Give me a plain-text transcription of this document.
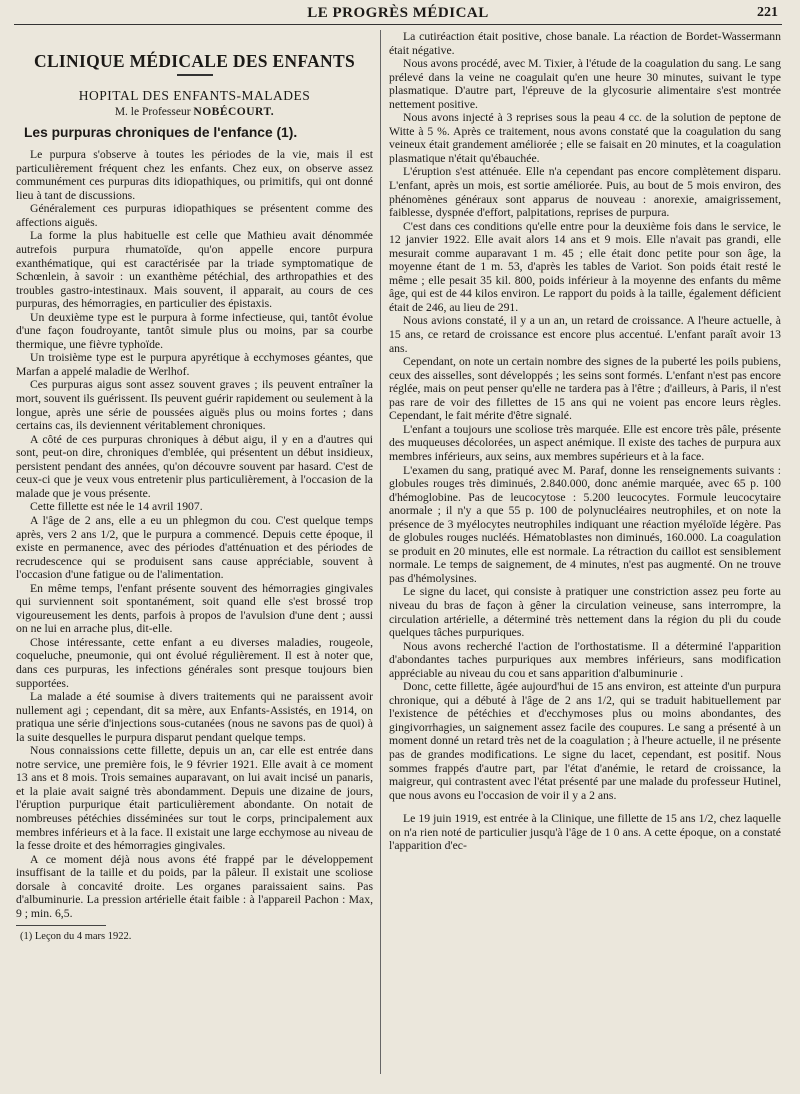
LE PROGRÈS MÉDICAL	221

CLINIQUE MÉDICALE DES ENFANTS

HOPITAL DES ENFANTS-MALADES

M. le Professeur NOBÉCOURT.

Les purpuras chroniques de l'enfance (1).

Le purpura s'observe à toutes les périodes de la vie, mais il est particulièrement fréquent chez les enfants. Chez eux, on observe assez communément ces purpuras dits idiopathiques, ou primitifs, qui ont donné lieu à tant de discussions.

Généralement ces purpuras idiopathiques se présentent comme des affections aiguës.

La forme la plus habituelle est celle que Mathieu avait dénommée autrefois purpura rhumatoïde, qu'on appelle encore purpura exanthématique, qui est caractérisée par la triade symptomatique de Schœnlein, à savoir : un exanthème pétéchial, des arthropathies et des troubles gastro-intestinaux. Mais souvent, il apparait, au cours de ces purpuras, des hémorragies, en particulier des épistaxis.

Un deuxième type est le purpura à forme infectieuse, qui, tantôt évolue d'une façon foudroyante, tantôt simule plus ou moins, par sa courbe thermique, une fièvre typhoïde.

Un troisième type est le purpura apyrétique à ecchymoses géantes, que Marfan a appelé maladie de Werlhof.

Ces purpuras aigus sont assez souvent graves ; ils peuvent entraîner la mort, souvent ils guérissent. Ils peuvent guérir rapidement ou seulement à la longue, après une série de poussées aiguës plus ou moins fortes ; dans certains cas, ils deviennent véritablement chroniques.

A côté de ces purpuras chroniques à début aigu, il y en a d'autres qui sont, peut-on dire, chroniques d'emblée, qui présentent un début insidieux, persistent pendant des années, qu'on découvre souvent par hasard. C'est de ceux-ci que je veux vous entretenir plus particulièrement, à l'occasion de la malade que je vous présente.

Cette fillette est née le 14 avril 1907.

A l'âge de 2 ans, elle a eu un phlegmon du cou. C'est quelque temps après, vers 2 ans 1/2, que le purpura a commencé. Depuis cette époque, il existe en permanence, avec des périodes d'atténuation et des périodes de recrudescence qui se produisent sans cause appréciable, souvent à l'occasion d'une fatigue ou de l'alimentation.

En même temps, l'enfant présente souvent des hémorragies gingivales qui surviennent soit spontanément, soit quand elle s'est brossé trop vigoureusement les dents, parfois à propos de l'avulsion d'une dent ; aussi on ne lui en arrache plus, dit-elle.

Chose intéressante, cette enfant a eu diverses maladies, rougeole, coqueluche, pneumonie, qui ont évolué régulièrement. Il est à noter que, dans ces purpuras, les infections générales sont presque toujours bien supportées.

La malade a été soumise à divers traitements qui ne paraissent avoir nullement agi ; cependant, dit sa mère, aux Enfants-Assistés, en 1914, on pratiqua une série d'injections sous-cutanées (nous ne savons pas de quoi) à la suite desquelles le purpura disparut pendant quelque temps.

Nous connaissions cette fillette, depuis un an, car elle est entrée dans notre service, une première fois, le 9 février 1921. Elle avait à ce moment 13 ans et 8 mois. Trois semaines auparavant, on lui avait incisé un panaris, et la plaie avait saigné très abondamment. Depuis une dizaine de jours, l'éruption purpurique était particulièrement abondante. On notait de nombreuses pétéchies disséminées sur tout le corps, principalement aux membres inférieurs et à la face. Il existait une large ecchymose au niveau de la fesse droite et des hémorragies gingivales.

A ce moment déjà nous avons été frappé par le développement insuffisant de la taille et du poids, par la pâleur. Il existait une scoliose dorsale à concavité droite. Les organes paraissaient sains. Pas d'albuminurie. La pression artérielle était faible : à l'appareil Pachon : Max, 9 ; min. 6,5.

(1) Leçon du 4 mars 1922.

La cutiréaction était positive, chose banale. La réaction de Bordet-Wassermann était négative.

Nous avons procédé, avec M. Tixier, à l'étude de la coagulation du sang. Le sang prélevé dans la veine ne coagulait qu'en une heure 30 minutes, suivant le type plasmatique. D'autre part, l'épreuve de la glycosurie alimentaire s'est montrée nettement positive.

Nous avons injecté à 3 reprises sous la peau 4 cc. de la solution de peptone de Witte à 5 %. Après ce traitement, nous avons constaté que la coagulation du sang veineux était grandement améliorée ; elle se faisait en 20 minutes, et la coagulation plasmatique n'était qu'ébauchée.

L'éruption s'est atténuée. Elle n'a cependant pas encore complètement disparu. L'enfant, après un mois, est sortie améliorée. Puis, au bout de 5 mois environ, des phénomènes généraux sont apparus de nouveau : anorexie, amaigrissement, faiblesse, dyspnée d'effort, palpitations, reprises de purpura.

C'est dans ces conditions qu'elle entre pour la deuxième fois dans le service, le 12 janvier 1922. Elle avait alors 14 ans et 9 mois. Elle n'avait pas grandi, elle mesurait comme auparavant 1 m. 45 ; elle était donc petite pour son âge, la moyenne étant de 1 m. 53, d'après les tables de Variot. Son poids était resté le même ; elle pesait 35 kil. 800, poids inférieur à la moyenne des enfants du même âge, qui est de 44 kilos environ. Le rapport du poids à la taille, également déficient était de 246, au lieu de 291.

Nous avions constaté, il y a un an, un retard de croissance. A l'heure actuelle, à 15 ans, ce retard de croissance est encore plus accentué. L'enfant paraît avoir 13 ans.

Cependant, on note un certain nombre des signes de la puberté les poils pubiens, ceux des aisselles, sont développés ; les seins sont formés. L'enfant n'est pas encore réglée, mais on peut penser qu'elle ne tardera pas à l'être ; d'ailleurs, à Paris, il n'est pas rare de voir des fillettes de 15 ans qui ne voient pas encore leurs règles. Cependant, le fait mérite d'être signalé.

L'enfant a toujours une scoliose très marquée. Elle est encore très pâle, présente des muqueuses décolorées, un aspect anémique. Il existe des taches de purpura aux membres inférieurs, aux seins, aux membres supérieurs et à la face.

L'examen du sang, pratiqué avec M. Paraf, donne les renseignements suivants : globules rouges très diminués, 2.840.000, donc anémie marquée, avec 65 p. 100 d'hémoglobine. Pas de leucocytose : 5.200 leucocytes. Formule leucocytaire anormale ; il n'y a que 55 p. 100 de polynucléaires neutrophiles, et on note la présence de 3 myélocytes neutrophiles indiquant une réaction myéloïde légère. Pas de globules rouges nucléés. Hématoblastes non diminués, 160.000. La coagulation se produit en 20 minutes, elle est normale. La rétraction du caillot est sensiblement normale. Le temps de saignement, de 4 minutes, n'est pas augmenté. On ne trouve pas d'hémolysines.

Le signe du lacet, qui consiste à pratiquer une constriction assez peu forte au niveau du bras de façon à gêner la circulation veineuse, sans interrompre, la circulation artérielle, a déterminé très nettement dans la région du pli du coude quelques tâches purpuriques.

Nous avons recherché l'action de l'orthostatisme. Il a déterminé l'apparition d'abondantes taches purpuriques aux membres inférieurs, sans modification appréciable au niveau du cou et sans apparition d'albuminurie .

Donc, cette fillette, âgée aujourd'hui de 15 ans environ, est atteinte d'un purpura chronique, qui a débuté à l'âge de 2 ans 1/2, qui se traduit habituellement par l'existence de pétéchies et d'ecchymoses plus ou moins abondantes, des gingivorrhagies, un saignement assez facile des coupures. Le sang a présenté à un moment donné un retard très net de la coagulation ; à l'heure actuelle, il ne présente pas de grandes modifications. Le signe du lacet, cependant, est positif. Nous sommes frappés d'autre part, par l'état d'anémie, le retard de croissance, la maigreur, qui contrastent avec l'état présenté par une malade du professeur Hutinel, que nous avons eu l'occasion de voir il y a 2 ans.

Le 19 juin 1919, est entrée à la Clinique, une fillette de 15 ans 1/2, chez laquelle on n'a rien noté de particulier jusqu'à l'âge de 1 0 ans. A cette époque, on a constaté l'apparition d'ec-
